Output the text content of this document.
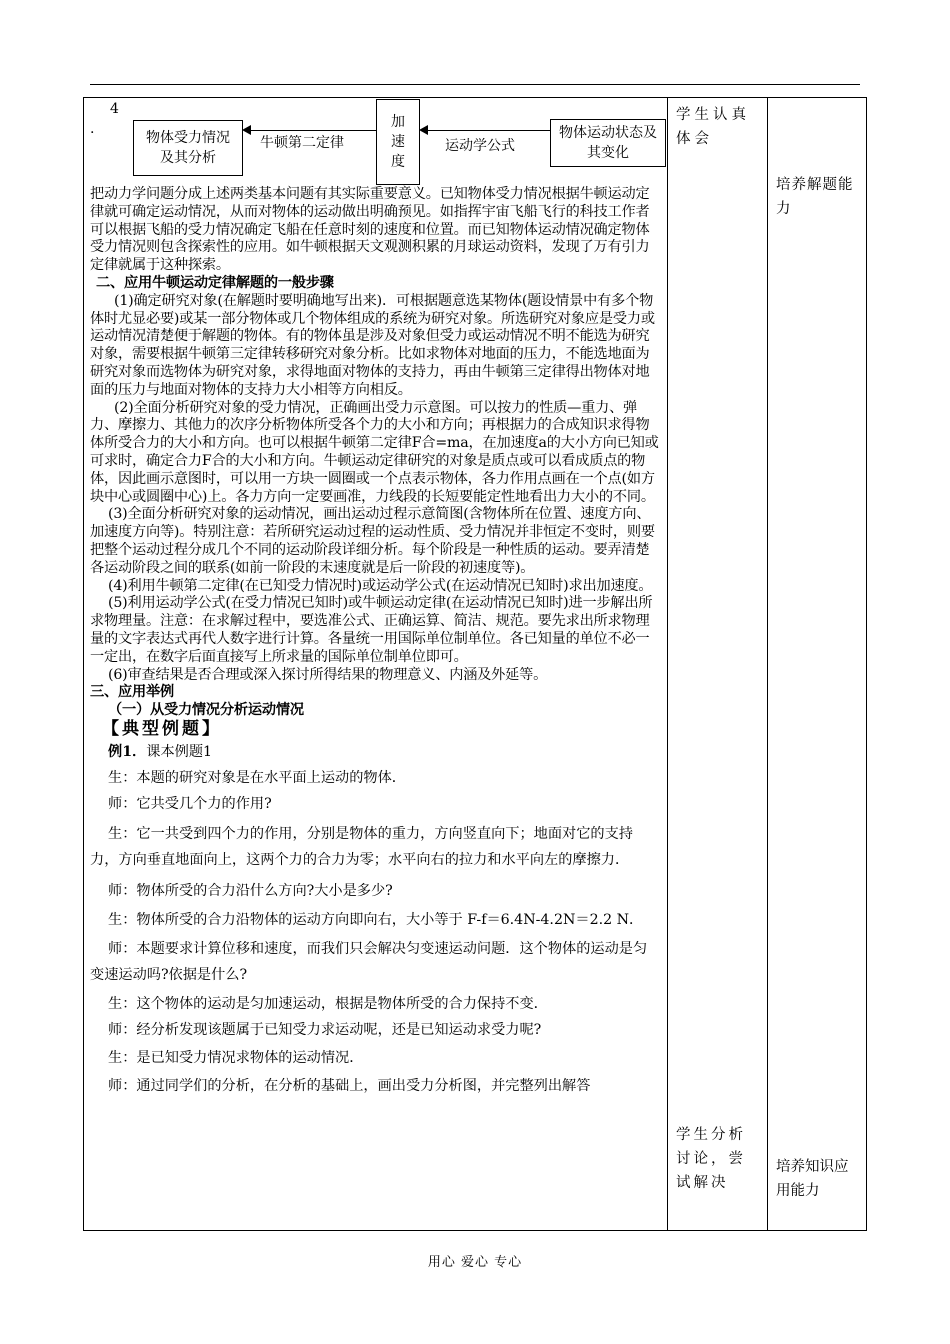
4
.
物体受力情况及其分析
加速度
物体运动状态及其变化
牛顿第二定律	运动学公式

把动力学问题分成上述两类基本问题有其实际重要意义。已知物体受力情况根据牛顿运动定律就可确定运动情况，从而对物体的运动做出明确预见。如指挥宇宙飞船飞行的科技工作者可以根据飞船的受力情况确定飞船在任意时刻的速度和位置。而已知物体运动情况确定物体受力情况则包含探索性的应用。如牛顿根据天文观测积累的月球运动资料，发现了万有引力定律就属于这种探索。

二、应用牛顿运动定律解题的一般步骤

(1)确定研究对象(在解题时要明确地写出来)．可根据题意选某物体(题设情景中有多个物体时尤显必要)或某一部分物体或几个物体组成的系统为研究对象。所选研究对象应是受力或运动情况清楚便于解题的物体。有的物体虽是涉及对象但受力或运动情况不明不能选为研究对象，需要根据牛顿第三定律转移研究对象分析。比如求物体对地面的压力，不能选地面为研究对象而选物体为研究对象，求得地面对物体的支持力，再由牛顿第三定律得出物体对地面的压力与地面对物体的支持力大小相等方向相反。

(2)全面分析研究对象的受力情况，正确画出受力示意图。可以按力的性质—重力、弹力、摩擦力、其他力的次序分析物体所受各个力的大小和方向；再根据力的合成知识求得物体所受合力的大小和方向。也可以根据牛顿第二定律F合=ma，在加速度a的大小方向已知或可求时，确定合力F合的大小和方向。牛顿运动定律研究的对象是质点或可以看成质点的物体，因此画示意图时，可以用一方块一圆圈或一个点表示物体，各力作用点画在一个点(如方块中心或圆圈中心)上。各力方向一定要画准，力线段的长短要能定性地看出力大小的不同。

(3)全面分析研究对象的运动情况，画出运动过程示意简图(含物体所在位置、速度方向、加速度方向等)。特别注意：若所研究运动过程的运动性质、受力情况并非恒定不变时，则要把整个运动过程分成几个不同的运动阶段详细分析。每个阶段是一种性质的运动。要弄清楚各运动阶段之间的联系(如前一阶段的末速度就是后一阶段的初速度等)。

(4)利用牛顿第二定律(在已知受力情况时)或运动学公式(在运动情况已知时)求出加速度。

(5)利用运动学公式(在受力情况已知时)或牛顿运动定律(在运动情况已知时)进一步解出所求物理量。注意：在求解过程中，要选准公式、正确运算、简洁、规范。要先求出所求物理量的文字表达式再代人数字进行计算。各量统一用国际单位制单位。各已知量的单位不必一一定出，在数字后面直接写上所求量的国际单位制单位即可。

(6)审查结果是否合理或深入探讨所得结果的物理意义、内涵及外延等。

三、应用举例

（一）从受力情况分析运动情况

【典型例题】

例1．课本例题1

生：本题的研究对象是在水平面上运动的物体．

师：它共受几个力的作用?

生：它一共受到四个力的作用，分别是物体的重力，方向竖直向下；地面对它的支持力，方向垂直地面向上，这两个力的合力为零；水平向右的拉力和水平向左的摩擦力．

师：物体所受的合力沿什么方向?大小是多少?

生：物体所受的合力沿物体的运动方向即向右，大小等于 F-f＝6.4N-4.2N＝2.2 N．

师：本题要求计算位移和速度，而我们只会解决匀变速运动问题．这个物体的运动是匀变速运动吗?依据是什么?

生：这个物体的运动是匀加速运动，根据是物体所受的合力保持不变．

师：经分析发现该题属于已知受力求运动呢，还是已知运动求受力呢?

生：是已知受力情况求物体的运动情况．

师：通过同学们的分析，在分析的基础上，画出受力分析图，并完整列出解答

学生认真体会
培养解题能力
学生分析讨论，尝试解决
培养知识应用能力
用心 爱心 专心
